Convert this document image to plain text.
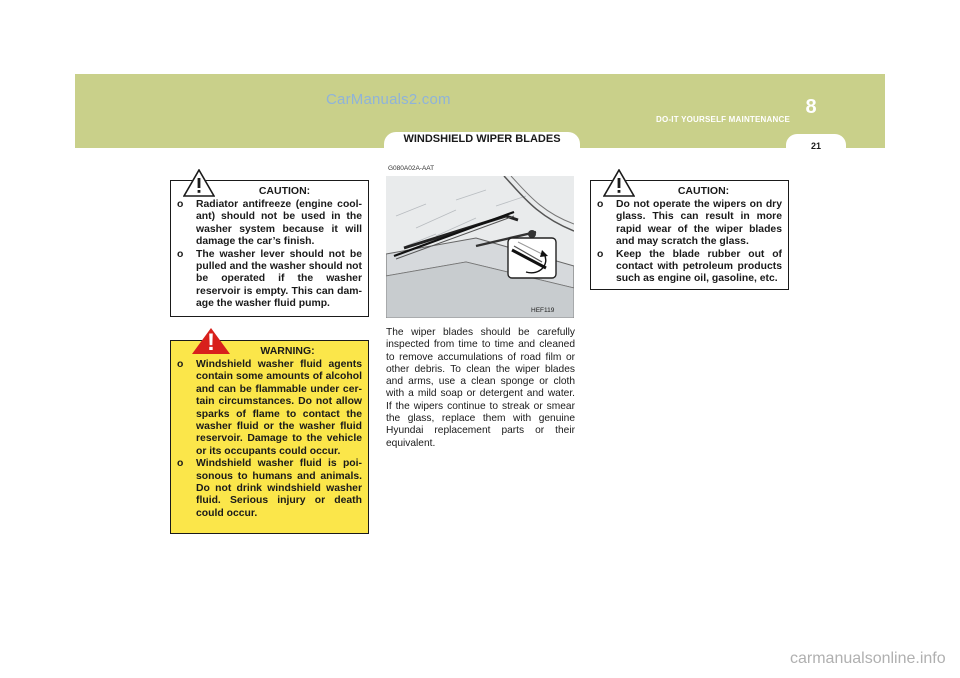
CarManuals2.com	8
DO-IT YOURSELF MAINTENANCE
21
WINDSHIELD WIPER BLADES
CAUTION:
o Radiator antifreeze (engine cool-ant) should not be used in the washer system because it will damage the car’s finish.
o The washer lever should not be pulled and the washer should not be operated if the washer reservoir is empty. This can dam-age the washer fluid pump.
!	WARNING:
o Windshield washer fluid agents contain some amounts of alcohol and can be flammable under cer-tain circumstances. Do not allow sparks of flame to contact the washer fluid or the washer fluid reservoir. Damage to the vehicle or its occupants could occur.
o Windshield washer fluid is poi-sonous to humans and animals. Do not drink windshield washer fluid. Serious injury or death could occur.
G080A02A-AAT
HEF119
The wiper blades should be carefully inspected from time to time and cleaned to remove accumulations of road film or other debris. To clean the wiper blades and arms, use a clean sponge or cloth with a mild soap or detergent and water. If the wipers continue to streak or smear the glass, replace them with genuine Hyundai replacement parts or their equivalent.
CAUTION:
o Do not operate the wipers on dry glass. This can result in more rapid wear of the wiper blades and may scratch the glass.
o Keep the blade rubber out of contact with petroleum products such as engine oil, gasoline, etc.
carmanualsonline.info
